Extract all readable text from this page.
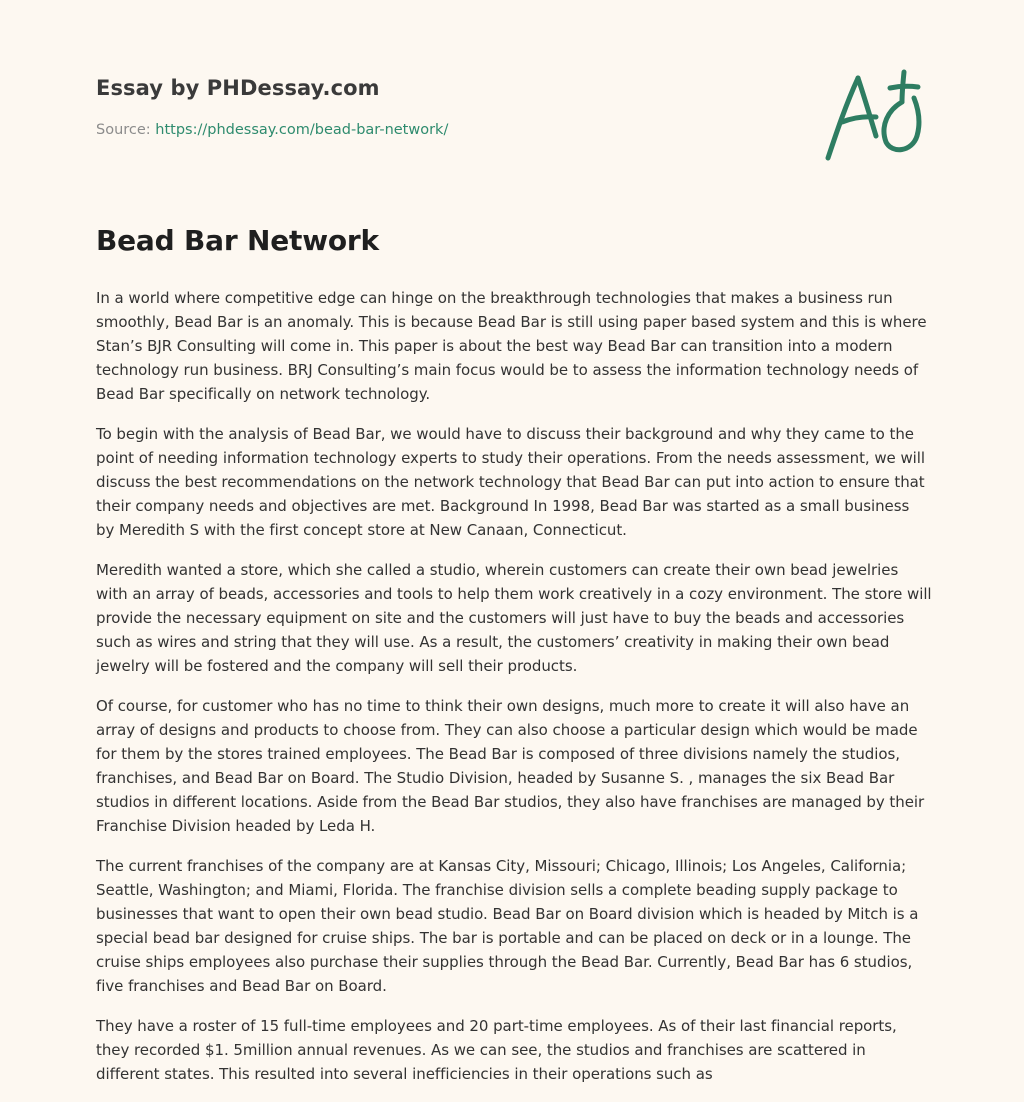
Essay by PHDessay.com
Source: https://phdessay.com/bead-bar-network/
Bead Bar Network

In a world where competitive edge can hinge on the breakthrough technologies that makes a business run smoothly, Bead Bar is an anomaly. This is because Bead Bar is still using paper based system and this is where Stan’s BJR Consulting will come in. This paper is about the best way Bead Bar can transition into a modern technology run business. BRJ Consulting’s main focus would be to assess the information technology needs of Bead Bar specifically on network technology.

To begin with the analysis of Bead Bar, we would have to discuss their background and why they came to the point of needing information technology experts to study their operations. From the needs assessment, we will discuss the best recommendations on the network technology that Bead Bar can put into action to ensure that their company needs and objectives are met. Background In 1998, Bead Bar was started as a small business by Meredith S with the first concept store at New Canaan, Connecticut.

Meredith wanted a store, which she called a studio, wherein customers can create their own bead jewelries with an array of beads, accessories and tools to help them work creatively in a cozy environment. The store will provide the necessary equipment on site and the customers will just have to buy the beads and accessories such as wires and string that they will use. As a result, the customers’ creativity in making their own bead jewelry will be fostered and the company will sell their products.

Of course, for customer who has no time to think their own designs, much more to create it will also have an array of designs and products to choose from. They can also choose a particular design which would be made for them by the stores trained employees. The Bead Bar is composed of three divisions namely the studios, franchises, and Bead Bar on Board. The Studio Division, headed by Susanne S. , manages the six Bead Bar studios in different locations. Aside from the Bead Bar studios, they also have franchises are managed by their Franchise Division headed by Leda H.

The current franchises of the company are at Kansas City, Missouri; Chicago, Illinois; Los Angeles, California; Seattle, Washington; and Miami, Florida. The franchise division sells a complete beading supply package to businesses that want to open their own bead studio. Bead Bar on Board division which is headed by Mitch is a special bead bar designed for cruise ships. The bar is portable and can be placed on deck or in a lounge. The cruise ships employees also purchase their supplies through the Bead Bar. Currently, Bead Bar has 6 studios, five franchises and Bead Bar on Board.

They have a roster of 15 full-time employees and 20 part-time employees. As of their last financial reports, they recorded $1. 5million annual revenues. As we can see, the studios and franchises are scattered in different states. This resulted into several inefficiencies in their operations such as
